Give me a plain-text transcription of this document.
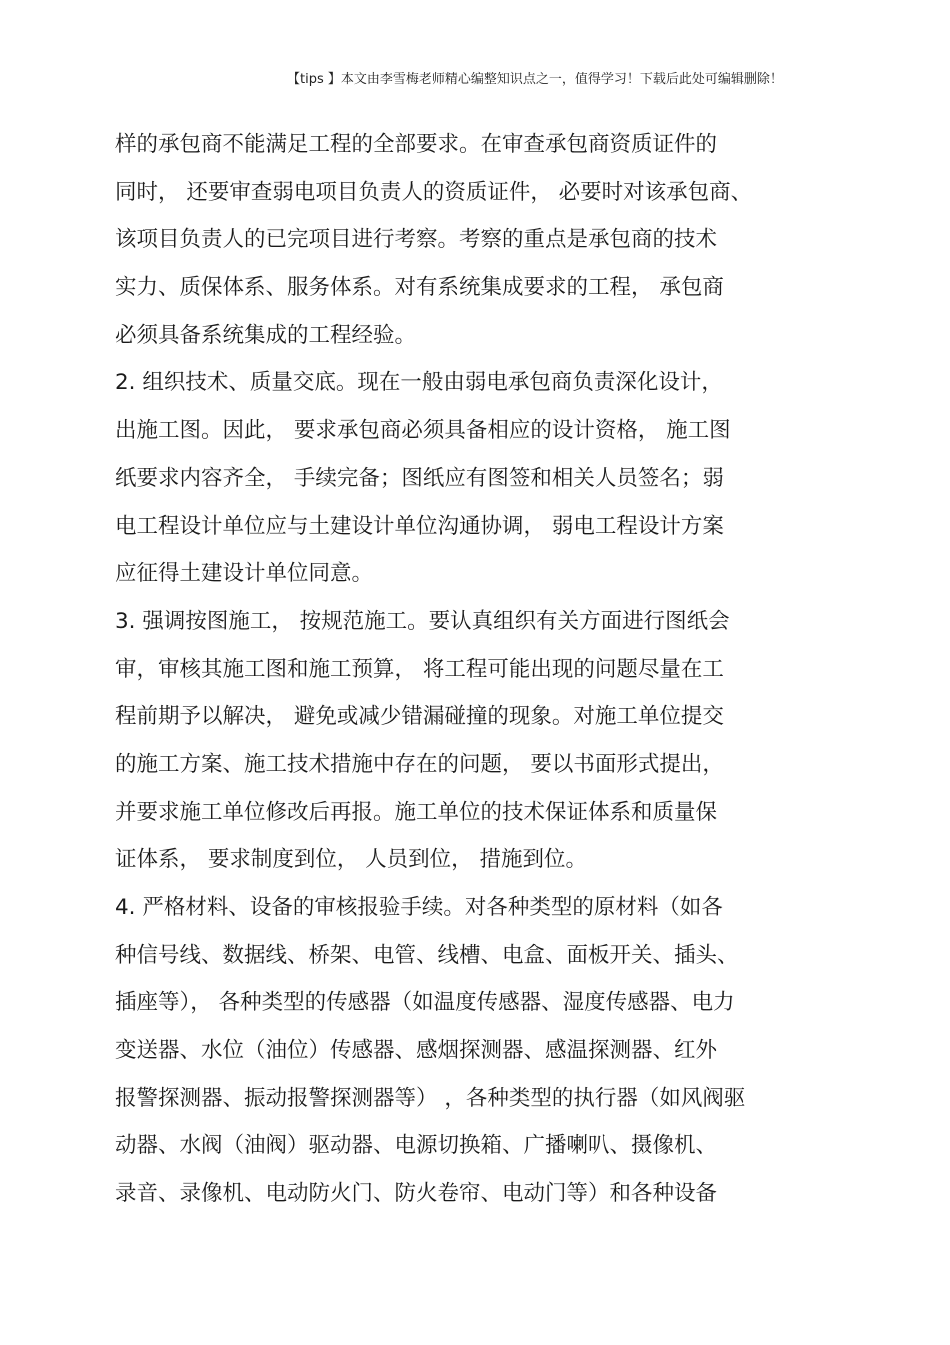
【tips 】本文由李雪梅老师精心编整知识点之一，值得学习！下载后此处可编辑删除！
样的承包商不能满足工程的全部要求。在审查承包商资质证件的
同时， 还要审查弱电项目负责人的资质证件， 必要时对该承包商、
该项目负责人的已完项目进行考察。考察的重点是承包商的技术
实力、质保体系、服务体系。对有系统集成要求的工程， 承包商
必须具备系统集成的工程经验。
2. 组织技术、质量交底。现在一般由弱电承包商负责深化设计，
出施工图。因此， 要求承包商必须具备相应的设计资格， 施工图
纸要求内容齐全， 手续完备；图纸应有图签和相关人员签名；弱
电工程设计单位应与土建设计单位沟通协调， 弱电工程设计方案
应征得土建设计单位同意。
3. 强调按图施工， 按规范施工。要认真组织有关方面进行图纸会
审，审核其施工图和施工预算， 将工程可能出现的问题尽量在工
程前期予以解决， 避免或减少错漏碰撞的现象。对施工单位提交
的施工方案、施工技术措施中存在的问题， 要以书面形式提出，
并要求施工单位修改后再报。施工单位的技术保证体系和质量保
证体系， 要求制度到位， 人员到位， 措施到位。
4. 严格材料、设备的审核报验手续。对各种类型的原材料（如各
种信号线、数据线、桥架、电管、线槽、电盒、面板开关、插头、
插座等）， 各种类型的传感器（如温度传感器、湿度传感器、电力
变送器、水位（油位）传感器、感烟探测器、感温探测器、红外
报警探测器、振动报警探测器等） ，各种类型的执行器（如风阀驱
动器、水阀（油阀）驱动器、电源切换箱、广播喇叭、摄像机、
录音、录像机、电动防火门、防火卷帘、电动门等）和各种设备
